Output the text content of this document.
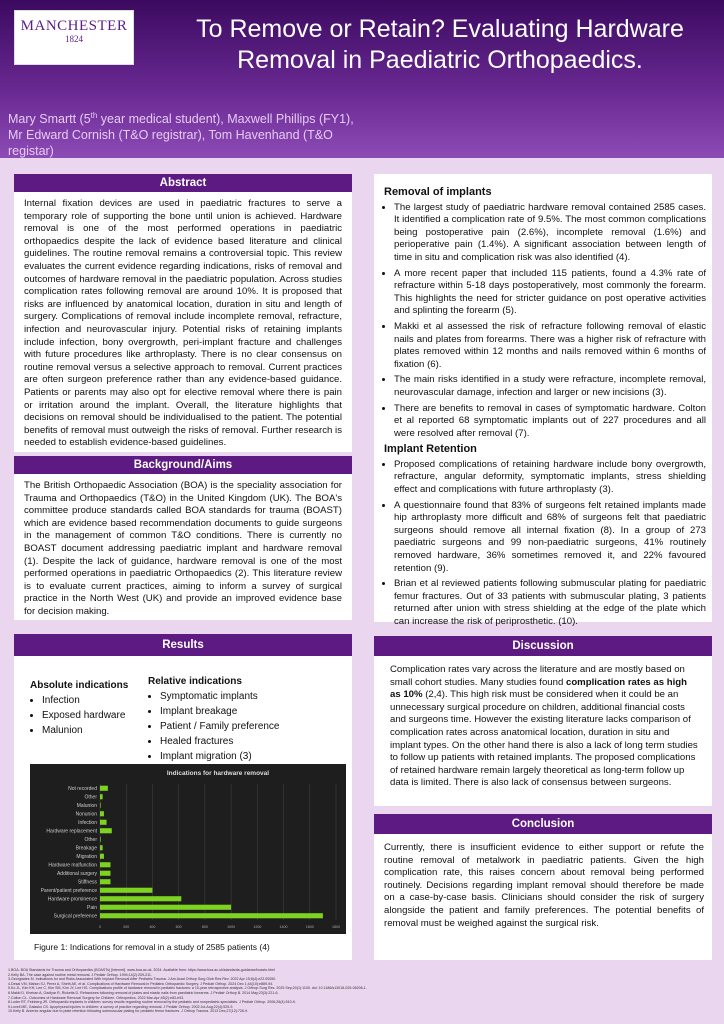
MANCHESTER
1824
The University of Manchester
To Remove or Retain? Evaluating Hardware Removal in Paediatric Orthopaedics.
Mary Smartt (5th year medical student), Maxwell Phillips (FY1), Mr Edward Cornish (T&O registrar), Tom Havenhand (T&O registar)
Abstract
Internal fixation devices are used in paediatric fractures to serve a temporary role of supporting the bone until union is achieved. Hardware removal is one of the most performed operations in paediatric orthopaedics despite the lack of evidence based literature and clinical guidelines. The routine removal remains a controversial topic. This review evaluates the current evidence regarding indications, risks of removal and outcomes of hardware removal in the paediatric population. Across studies complication rates following removal are around 10%. It is proposed that risks are influenced by anatomical location, duration in situ and length of surgery. Complications of removal include incomplete removal, refracture, infection and neurovascular injury. Potential risks of retaining implants include infection, bony overgrowth, peri-implant fracture and challenges with future procedures like arthroplasty. There is no clear consensus on routine removal versus a selective approach to removal. Current practices are often surgeon preference rather than any evidence-based guidance. Patients or parents may also opt for elective removal where there is pain or irritation around the implant. Overall, the literature highlights that decisions on removal should be individualised to the patient. The potential benefits of removal must outweigh the risks of removal. Further research is needed to establish evidence-based guidelines.
Background/Aims
The British Orthopaedic Association (BOA) is the speciality association for Trauma and Orthopaedics (T&O) in the United Kingdom (UK). The BOA's committee produce standards called BOA standards for trauma (BOAST) which are evidence based recommendation documents to guide surgeons in the management of common T&O conditions. There is currently no BOAST document addressing paediatric implant and hardware removal (1). Despite the lack of guidance, hardware removal is one of the most performed operations in paediatric Orthopaedics (2). This literature review is to evaluate current practices, aiming to inform a survey of surgical practice in the North West (UK) and provide an improved evidence base for decision making.
Results
Absolute indications
• Infection
• Exposed hardware
• Malunion
Relative indications
• Symptomatic implants
• Implant breakage
• Patient / Family preference
• Healed fractures
• Implant migration (3)
Indications for hardware removal
0	200	400	600	800	1000	1200	1400	1600	1800
Not recorded
Other
Malunion
Nonunion
Infection
Hardware replacement
Other
Breakage
Migration
Hardware malfunction
Additional surgery
Stiffness
Parent/patient preference
Hardware prominence
Pain
Surgical preference
Figure 1: Indications for removal in a study of 2585 patients (4)
Removal of implants
• The largest study of paediatric hardware removal contained 2585 cases. It identified a complication rate of 9.5%. The most common complications being postoperative pain (2.6%), incomplete removal (1.6%) and perioperative pain (1.4%). A significant association between length of time in situ and complication risk was also identified (4).
• A more recent paper that included 115 patients, found a 4.3% rate of refracture within 5-18 days postoperatively, most commonly the forearm. This highlights the need for stricter guidance on post operative activities and splinting the forearm (5).
• Makki et al assessed the risk of refracture following removal of elastic nails and plates from forearms. There was a higher risk of refracture with plates removed within 12 months and nails removed within 6 months of fixation (6).
• The main risks identified in a study were refracture, incomplete removal, neurovascular damage, infection and larger or new incisions (3).
• There are benefits to removal in cases of symptomatic hardware. Colton et al reported 68 symptomatic implants out of 227 procedures and all were resolved after removal (7).
Implant Retention
• Proposed complications of retaining hardware include bony overgrowth, refracture, angular deformity, symptomatic implants, stress shielding effect and complications with future arthroplasty (3).
• A questionnaire found that 83% of surgeons felt retained implants made hip arthroplasty more difficult and 68% of surgeons felt that paediatric surgeons should remove all internal fixation (8). In a group of 273 paediatric surgeons and 99 non-paediatric surgeons, 41% routinely removed hardware, 36% sometimes removed it, and 22% favoured retention (9).
• Brian et al reviewed patients following submuscular plating for paediatric femur fractures. Out of 33 patients with submuscular plating, 3 patients returned after union with stress shielding at the edge of the plate which can increase the risk of periprosthetic. (10).
Discussion
Complication rates vary across the literature and are mostly based on small cohort studies. Many studies found complication rates as high as 10% (2,4). This high risk must be considered when it could be an unnecessary surgical procedure on children, additional financial costs and surgeons time. However the existing literature lacks comparison of complication rates across anatomical location, duration in situ and implant types. On the other hand there is also a lack of long term studies to follow up patients with retained implants. The proposed complications of retained hardware remain largely theoretical as long-term follow up data is limited. There is also lack of consensus between surgeons.
Conclusion
Currently, there is insufficient evidence to either support or refute the routine removal of metalwork in paediatric patients. Given the high complication rate, this raises concern about removal being performed routinely. Decisions regarding implant removal should therefore be made on a case-by-case basis. Clinicians should consider the risk of surgery alongside the patient and family preferences. The potential benefits of removal must be weighed against the surgical risk.
1.BOA. BOA Standards for Trauma and Orthopaedics (BOASTs) [Internet]. www.boa.ac.uk. 2024. Available from: https://www.boa.ac.uk/standards-guidance/boasts.html
2.Kelly BA. The case against routine metal removal. J Pediatr Orthop. 1994;14(2):209-211.
3.Georgiades M. Indications for and Risks Associated With Implant Removal After Pediatric Trauma. J Am Acad Orthop Surg Glob Res Rev. 2022 Apr 15;6(4):e22.00050.
4.Desai VM, Mahon SJ, Perez A, Sheth AE, et al. Complications of Hardware Removal in Pediatric Orthopaedic Surgery. J Pediatr Orthop. 2024 Dec 1;44(10):e889-94.
5.Ko JL, Kim KH, Lee C, Kim SM, Kim JY, Lee HS. Complications profile of hardware removal in pediatric fractures: a 10-year retrospective analysis. J Orthop Surg Res. 2025 Sep;20(1):1100. doi: 10.1186/s13018-025-06206-1.
6.Makki D, Kheiran A, Gadiyar R, Ricketts D. Refractures following removal of plates and elastic nails from paediatric forearms. J Pediatr Orthop B. 2014 May;23(3):221-6.
7.Colton CL. Outcomes of Hardware Removal Surgery for Children. Orthopedics. 2022 Mar-Apr;45(2):e83-e93.
8.Loder RT, Feinberg JR. Orthopaedic implants in children: survey results regarding routine removal by the pediatric and nonpediatric specialists. J Pediatr Orthop. 2006;26(4):510-9.
9.Lovell ME, Galasko CS. Apophyseal injuries in children: a survey of practice regarding removal. J Pediatr Orthop. 2002 Jul-Aug;22(4):525-9.
10.Kelly B. Anterior angular due to plate retention following submuscular plating for pediatric femur fractures. J Orthop Trauma. 2013 Dec;27(12):726-9.
